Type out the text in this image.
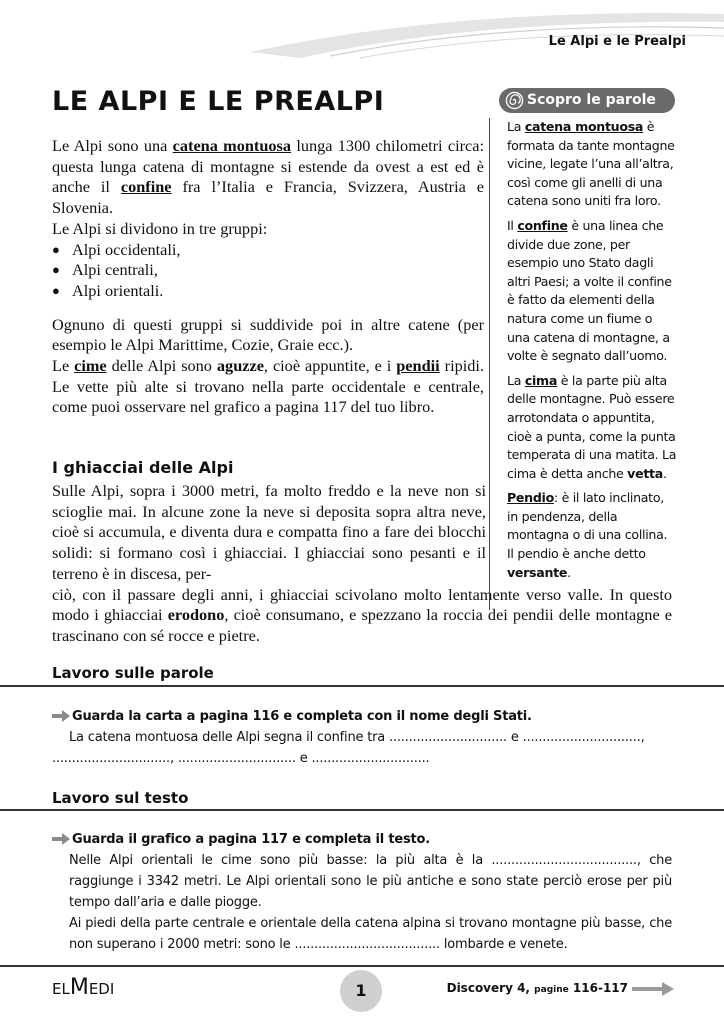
Le Alpi e le Prealpi
LE ALPI E LE PREALPI

Le Alpi sono una catena montuosa lunga 1300 chilometri circa: questa lunga catena di montagne si estende da ovest a est ed è anche il confine fra l’Italia e Francia, Svizzera, Austria e Slovenia.

Le Alpi si dividono in tre gruppi:

● Alpi occidentali,
● Alpi centrali,
● Alpi orientali.

Ognuno di questi gruppi si suddivide poi in altre catene (per esempio le Alpi Marittime, Cozie, Graie ecc.).

Le cime delle Alpi sono aguzze, cioè appuntite, e i pendii ripidi. Le vette più alte si trovano nella parte occidentale e centrale, come puoi osservare nel grafico a pagina 117 del tuo libro.

I ghiacciai delle Alpi

Sulle Alpi, sopra i 3000 metri, fa molto freddo e la neve non si scioglie mai. In alcune zone la neve si deposita sopra altra neve, cioè si accumula, e diventa dura e compatta fino a fare dei blocchi solidi: si formano così i ghiacciai. I ghiacciai sono pesanti e il terreno è in discesa, per-

ciò, con il passare degli anni, i ghiacciai scivolano molto lentamente verso valle. In questo modo i ghiacciai erodono, cioè consumano, e spezzano la roccia dei pendii delle montagne e trascinano con sé rocce e pietre.

Scopro le parole

La catena montuosa è formata da tante montagne vicine, legate l’una all’altra, così come gli anelli di una catena sono uniti fra loro.

Il confine è una linea che divide due zone, per esempio uno Stato dagli altri Paesi; a volte il confine è fatto da elementi della natura come un fiume o una catena di montagne, a volte è segnato dall’uomo.

La cima è la parte più alta delle montagne. Può essere arrotondata o appuntita, cioè a punta, come la punta temperata di una matita. La cima è detta anche vetta.

Pendio: è il lato inclinato, in pendenza, della montagna o di una collina. Il pendio è anche detto versante.

Lavoro sulle parole
Guarda la carta a pagina 116 e completa con il nome degli Stati.
La catena montuosa delle Alpi segna il confine tra .............................. e ..............................,
.............................., .............................. e ..............................
Lavoro sul testo
Guarda il grafico a pagina 117 e completa il testo.
Nelle Alpi orientali le cime sono più basse: la più alta è la ....................................., che raggiunge i 3342 metri. Le Alpi orientali sono le più antiche e sono state perciò erose per più tempo dall’aria e dalle piogge.
Ai piedi della parte centrale e orientale della catena alpina si trovano montagne più basse, che non superano i 2000 metri: sono le ..................................... lombarde e venete.
ELMEDI	1	Discovery 4, pagine 116-117
